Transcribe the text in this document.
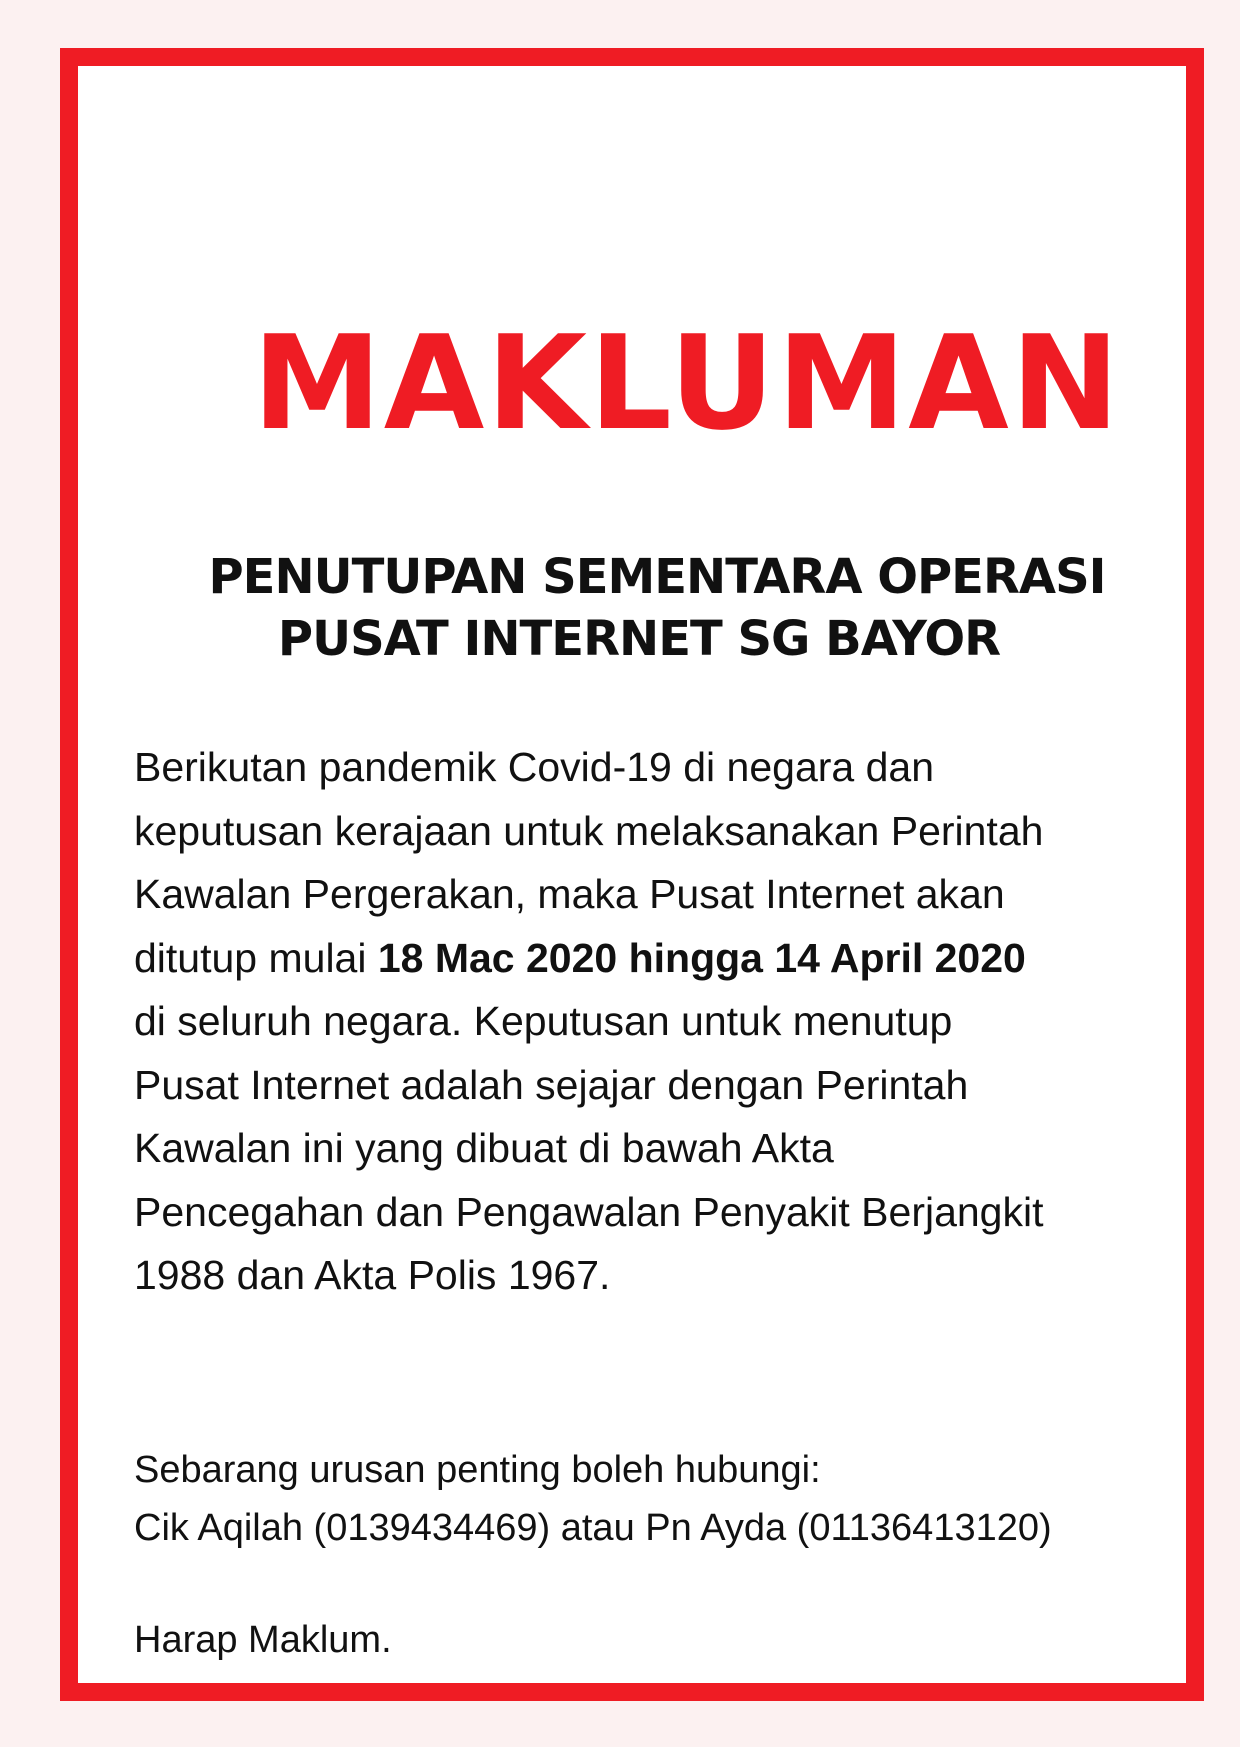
MAKLUMAN
PENUTUPAN SEMENTARA OPERASI
PUSAT INTERNET SG BAYOR

Berikutan pandemik Covid-19 di negara dan
keputusan kerajaan untuk melaksanakan Perintah
Kawalan Pergerakan, maka Pusat Internet akan
ditutup mulai 18 Mac 2020 hingga 14 April 2020
di seluruh negara. Keputusan untuk menutup
Pusat Internet adalah sejajar dengan Perintah
Kawalan ini yang dibuat di bawah Akta
Pencegahan dan Pengawalan Penyakit Berjangkit
1988 dan Akta Polis 1967.

Sebarang urusan penting boleh hubungi:
Cik Aqilah (0139434469) atau Pn Ayda (01136413120)

Harap Maklum.
